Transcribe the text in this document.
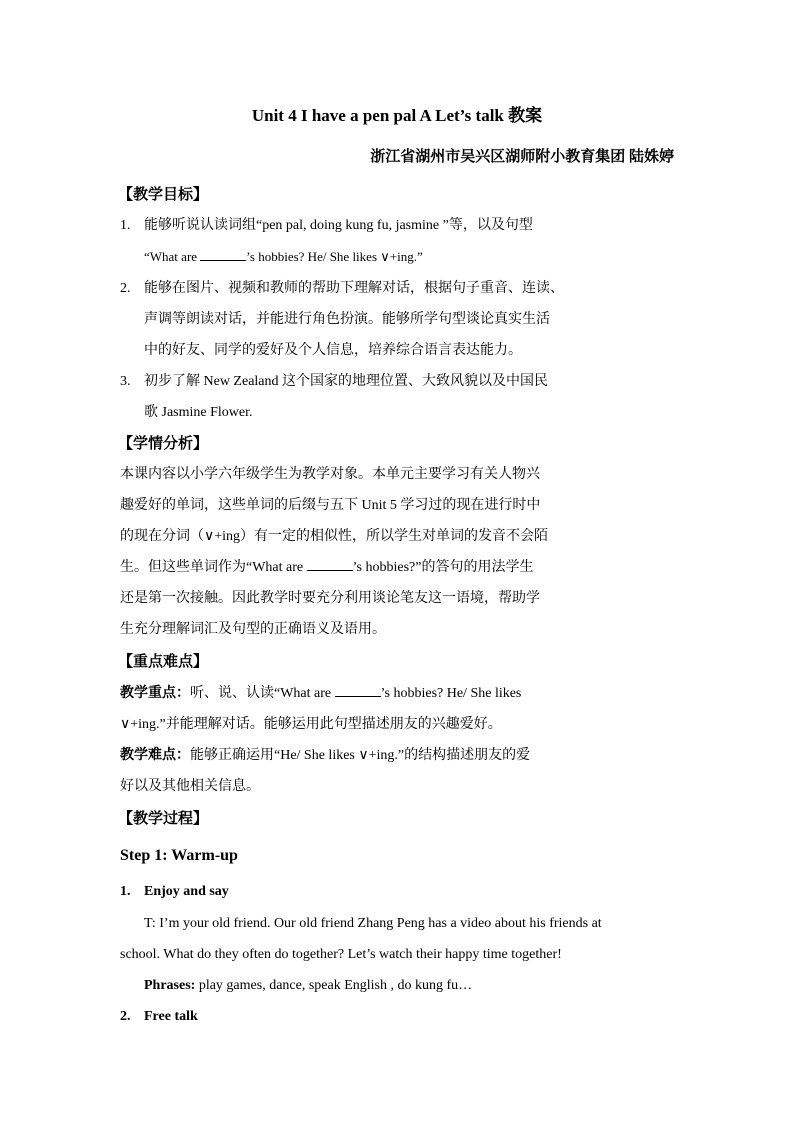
Unit 4 I have a pen pal A Let’s talk 教案
浙江省湖州市吴兴区湖师附小教育集团 陆姝婷
【教学目标】
1. 能够听说认读词组“pen pal, doing kung fu, jasmine ”等，以及句型
“What are	’s hobbies? He/ She likes ∨+ing.”
2. 能够在图片、视频和教师的帮助下理解对话，根据句子重音、连读、
声调等朗读对话，并能进行角色扮演。能够所学句型谈论真实生活
中的好友、同学的爱好及个人信息，培养综合语言表达能力。
3. 初步了解 New Zealand 这个国家的地理位置、大致风貌以及中国民
歌 Jasmine Flower.
【学情分析】
本课内容以小学六年级学生为教学对象。本单元主要学习有关人物兴
趣爱好的单词，这些单词的后缀与五下 Unit 5 学习过的现在进行时中
的现在分词（∨+ing）有一定的相似性，所以学生对单词的发音不会陌
生。但这些单词作为“What are	’s hobbies?”的答句的用法学生
还是第一次接触。因此教学时要充分利用谈论笔友这一语境，帮助学
生充分理解词汇及句型的正确语义及语用。
【重点难点】
教学重点：听、说、认读“What are	’s hobbies? He/ She likes
∨+ing.”并能理解对话。能够运用此句型描述朋友的兴趣爱好。
教学难点：能够正确运用“He/ She likes ∨+ing.”的结构描述朋友的爱
好以及其他相关信息。
【教学过程】
Step 1: Warm-up
1. Enjoy and say
T: I’m your old friend. Our old friend Zhang Peng has a video about his friends at
school. What do they often do together? Let’s watch their happy time together!
Phrases: play games, dance, speak English , do kung fu…
2. Free talk
